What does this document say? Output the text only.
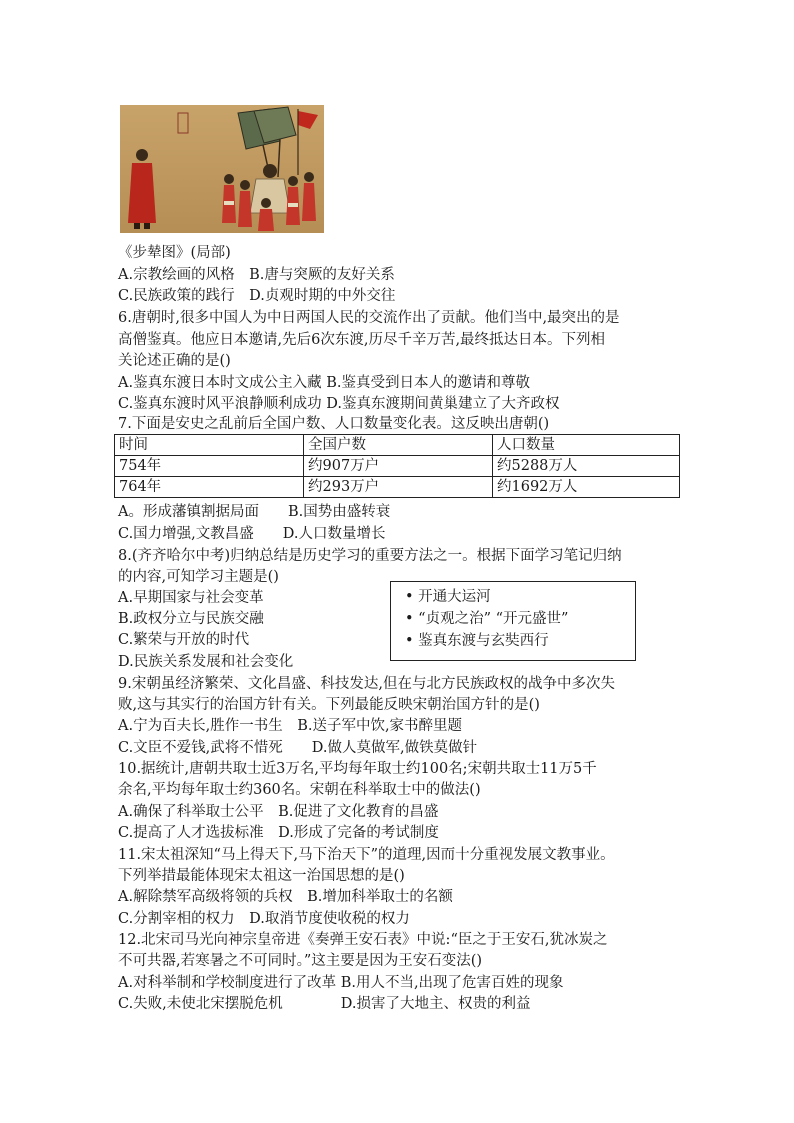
《步辇图》(局部)
A.宗教绘画的风格　B.唐与突厥的友好关系
C.民族政策的践行　D.贞观时期的中外交往
6.唐朝时,很多中国人为中日两国人民的交流作出了贡献。他们当中,最突出的是
高僧鉴真。他应日本邀请,先后6次东渡,历尽千辛万苦,最终抵达日本。下列相
关论述正确的是()
A.鉴真东渡日本时文成公主入藏 B.鉴真受到日本人的邀请和尊敬
C.鉴真东渡时风平浪静顺利成功 D.鉴真东渡期间黄巢建立了大齐政权
7.下面是安史之乱前后全国户数、人口数量变化表。这反映出唐朝()
时间	全国户数	人口数量
754年	约907万户	约5288万人
764年	约293万户	约1692万人
A。形成藩镇割据局面　　B.国势由盛转衰
C.国力增强,文教昌盛　　D.人口数量增长
8.(齐齐哈尔中考)归纳总结是历史学习的重要方法之一。根据下面学习笔记归纳
的内容,可知学习主题是()
A.早期国家与社会变革
B.政权分立与民族交融
C.繁荣与开放的时代
D.民族关系发展和社会变化
• 开通大运河
• “贞观之治” “开元盛世”
• 鉴真东渡与玄奘西行
9.宋朝虽经济繁荣、文化昌盛、科技发达,但在与北方民族政权的战争中多次失
败,这与其实行的治国方针有关。下列最能反映宋朝治国方针的是()
A.宁为百夫长,胜作一书生　B.送子军中饮,家书醉里题
C.文臣不爱钱,武将不惜死　　D.做人莫做军,做铁莫做针
10.据统计,唐朝共取士近3万名,平均每年取士约100名;宋朝共取士11万5千
余名,平均每年取士约360名。宋朝在科举取士中的做法()
A.确保了科举取士公平　B.促进了文化教育的昌盛
C.提高了人才选拔标准　D.形成了完备的考试制度
11.宋太祖深知“马上得天下,马下治天下”的道理,因而十分重视发展文教事业。
下列举措最能体现宋太祖这一治国思想的是()
A.解除禁军高级将领的兵权　B.增加科举取士的名额
C.分割宰相的权力　D.取消节度使收税的权力
12.北宋司马光向神宗皇帝进《奏弹王安石表》中说:“臣之于王安石,犹冰炭之
不可共器,若寒暑之不可同时。”这主要是因为王安石变法()
A.对科举制和学校制度进行了改革 B.用人不当,出现了危害百姓的现象
C.失败,未使北宋摆脱危机　　　　D.损害了大地主、权贵的利益
